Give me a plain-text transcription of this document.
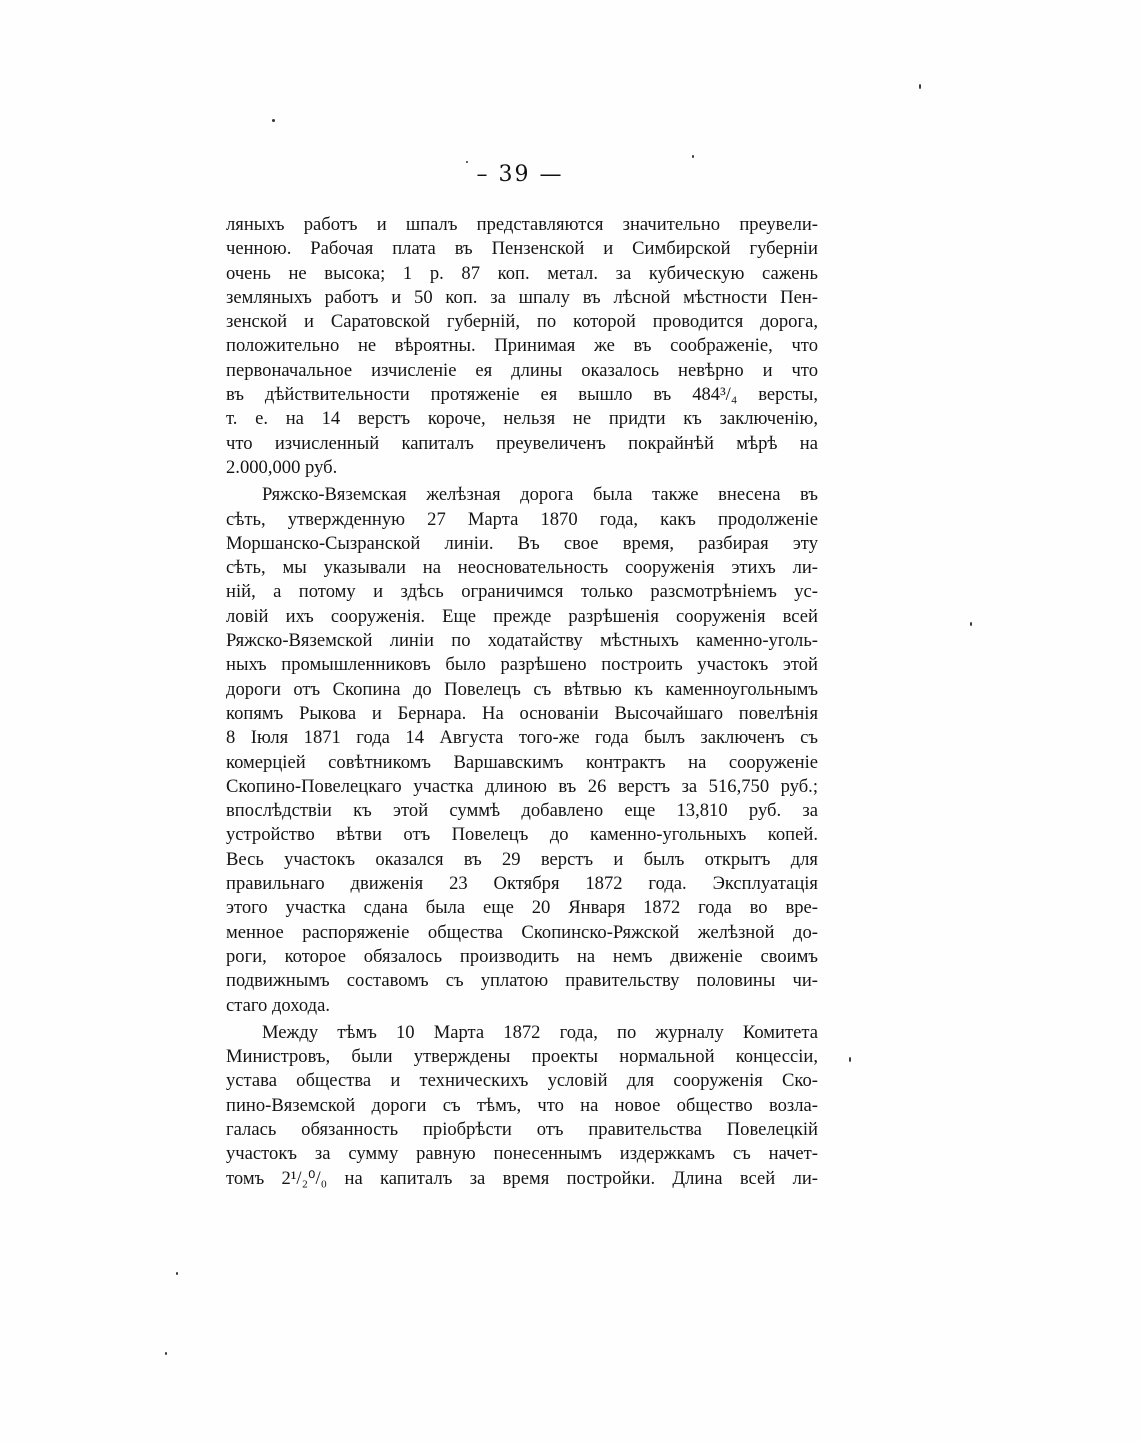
– 39 —
ляныхъ работъ и шпалъ представляются значительно преувели-
ченною. Рабочая плата въ Пензенской и Симбирской губерніи
очень не высока; 1 р. 87 коп. метал. за кубическую сажень
земляныхъ работъ и 50 коп. за шпалу въ лѣсной мѣстности Пен-
зенской и Саратовской губерній, по которой проводится дорога,
положительно не вѣроятны. Принимая же въ соображеніе, что
первоначальное изчисленіе ея длины оказалось невѣрно и что
въ дѣйствительности протяженіе ея вышло въ 484³/₄ версты,
т. е. на 14 верстъ короче, нельзя не придти къ заключенію,
что изчисленный капиталъ преувеличенъ покрайнѣй мѣрѣ на
2.000,000 руб.
Ряжско-Вяземская желѣзная дорога была также внесена въ
сѣть, утвержденную 27 Марта 1870 года, какъ продолженіе
Моршанско-Сызранской линіи. Въ свое время, разбирая эту
сѣть, мы указывали на неосновательность сооруженія этихъ ли-
ній, а потому и здѣсь ограничимся только разсмотрѣніемъ ус-
ловій ихъ сооруженія. Еще прежде разрѣшенія сооруженія всей
Ряжско-Вяземской линіи по ходатайству мѣстныхъ каменно-уголь-
ныхъ промышленниковъ было разрѣшено построить участокъ этой
дороги отъ Скопина до Повелецъ съ вѣтвью къ каменноугольнымъ
копямъ Рыкова и Бернара. На основаніи Высочайшаго повелѣнія
8 Іюля 1871 года 14 Августа того-же года былъ заключенъ съ
комерціей совѣтникомъ Варшавскимъ контрактъ на сооруженіе
Скопино-Повелецкаго участка длиною въ 26 верстъ за 516,750 руб.;
впослѣдствіи къ этой суммѣ добавлено еще 13,810 руб. за
устройство вѣтви отъ Повелецъ до каменно-угольныхъ копей.
Весь участокъ оказался въ 29 верстъ и былъ открытъ для
правильнаго движенія 23 Октября 1872 года. Эксплуатація
этого участка сдана была еще 20 Января 1872 года во вре-
менное распоряженіе общества Скопинско-Ряжской желѣзной до-
роги, которое обязалось производить на немъ движеніе своимъ
подвижнымъ составомъ съ уплатою правительству половины чи-
стаго дохода.
Между тѣмъ 10 Марта 1872 года, по журналу Комитета
Министровъ, были утверждены проекты нормальной концессіи,
устава общества и техническихъ условій для сооруженія Ско-
пино-Вяземской дороги съ тѣмъ, что на новое общество возла-
галась обязанность пріобрѣсти отъ правительства Повелецкій
участокъ за сумму равную понесеннымъ издержкамъ съ начет-
томъ 2¹/₂⁰/₀ на капиталъ за время постройки. Длина всей ли-
